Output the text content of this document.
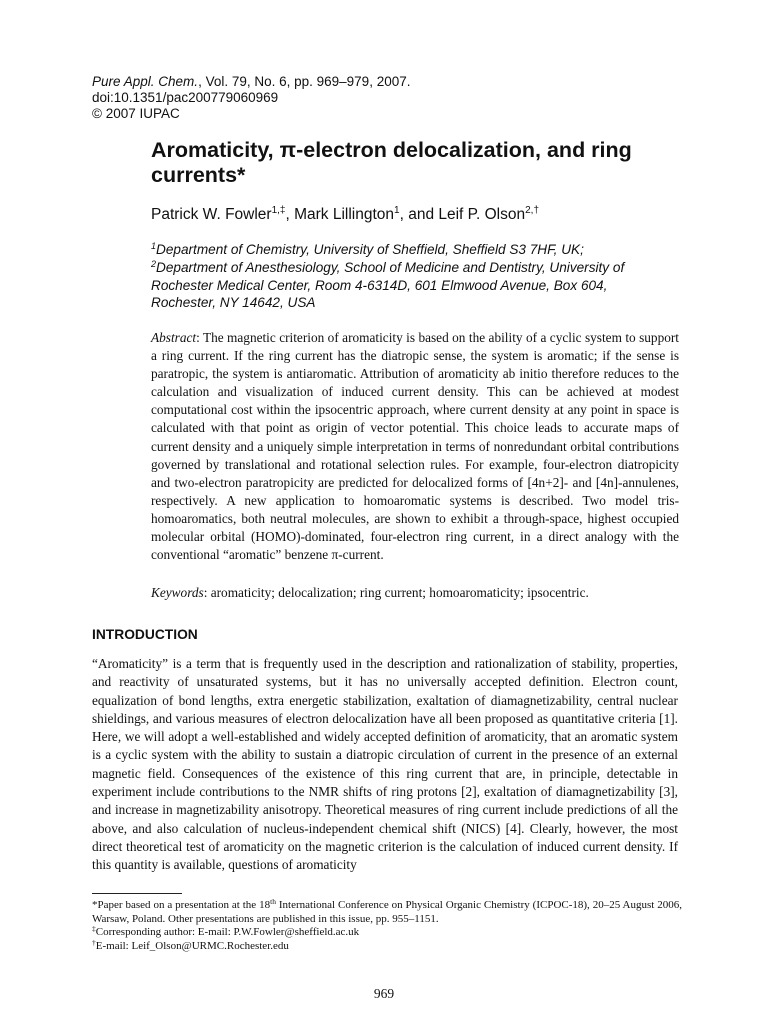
Pure Appl. Chem., Vol. 79, No. 6, pp. 969–979, 2007.
doi:10.1351/pac200779060969
© 2007 IUPAC
Aromaticity, π-electron delocalization, and ring currents*
Patrick W. Fowler$^{1,\ddagger}$, Mark Lillington$^1$, and Leif P. Olson$^{2,\dagger}$
$^1$Department of Chemistry, University of Sheffield, Sheffield S3 7HF, UK;
$^2$Department of Anesthesiology, School of Medicine and Dentistry, University of
Rochester Medical Center, Room 4-6314D, 601 Elmwood Avenue, Box 604,
Rochester, NY 14642, USA
Abstract: The magnetic criterion of aromaticity is based on the ability of a cyclic system to support a ring current. If the ring current has the diatropic sense, the system is aromatic; if the sense is paratropic, the system is antiaromatic. Attribution of aromaticity ab initio therefore reduces to the calculation and visualization of induced current density. This can be achieved at modest computational cost within the ipsocentric approach, where current density at any point in space is calculated with that point as origin of vector potential. This choice leads to accurate maps of current density and a uniquely simple interpretation in terms of nonredundant orbital contributions governed by translational and rotational selection rules. For example, four-electron diatropicity and two-electron paratropicity are predicted for delocalized forms of [4n+2]- and [4n]-annulenes, respectively. A new application to homoaromatic systems is described. Two model tris-homoaromatics, both neutral molecules, are shown to exhibit a through-space, highest occupied molecular orbital (HOMO)-dominated, four-electron ring current, in a direct analogy with the conventional “aromatic” benzene π-current.
Keywords: aromaticity; delocalization; ring current; homoaromaticity; ipsocentric.
INTRODUCTION
“Aromaticity” is a term that is frequently used in the description and rationalization of stability, properties, and reactivity of unsaturated systems, but it has no universally accepted definition. Electron count, equalization of bond lengths, extra energetic stabilization, exaltation of diamagnetizability, central nuclear shieldings, and various measures of electron delocalization have all been proposed as quantitative criteria [1]. Here, we will adopt a well-established and widely accepted definition of aromaticity, that an aromatic system is a cyclic system with the ability to sustain a diatropic circulation of current in the presence of an external magnetic field. Consequences of the existence of this ring current that are, in principle, detectable in experiment include contributions to the NMR shifts of ring protons [2], exaltation of diamagnetizability [3], and increase in magnetizability anisotropy. Theoretical measures of ring current include predictions of all the above, and also calculation of nucleus-independent chemical shift (NICS) [4]. Clearly, however, the most direct theoretical test of aromaticity on the magnetic criterion is the calculation of induced current density. If this quantity is available, questions of aromaticity
*Paper based on a presentation at the 18th International Conference on Physical Organic Chemistry (ICPOC-18), 20–25 August 2006, Warsaw, Poland. Other presentations are published in this issue, pp. 955–1151.
‡Corresponding author: E-mail: P.W.Fowler@sheffield.ac.uk
†E-mail: Leif_Olson@URMC.Rochester.edu
969
